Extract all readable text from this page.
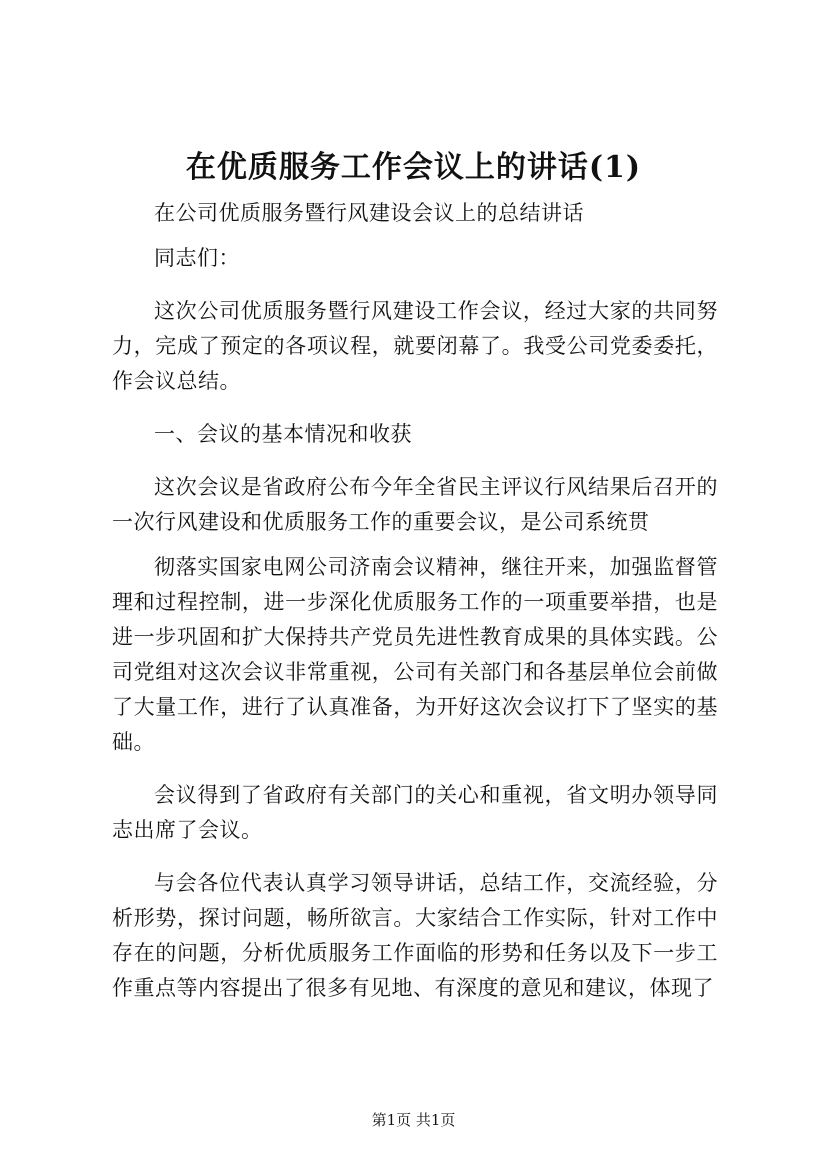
在优质服务工作会议上的讲话(1)

在公司优质服务暨行风建设会议上的总结讲话

同志们：

这次公司优质服务暨行风建设工作会议，经过大家的共同努力，完成了预定的各项议程，就要闭幕了。我受公司党委委托，作会议总结。

一、会议的基本情况和收获

这次会议是省政府公布今年全省民主评议行风结果后召开的一次行风建设和优质服务工作的重要会议，是公司系统贯

彻落实国家电网公司济南会议精神，继往开来，加强监督管理和过程控制，进一步深化优质服务工作的一项重要举措，也是进一步巩固和扩大保持共产党员先进性教育成果的具体实践。公司党组对这次会议非常重视，公司有关部门和各基层单位会前做了大量工作，进行了认真准备，为开好这次会议打下了坚实的基础。

会议得到了省政府有关部门的关心和重视，省文明办领导同志出席了会议。

与会各位代表认真学习领导讲话，总结工作，交流经验，分析形势，探讨问题，畅所欲言。大家结合工作实际，针对工作中存在的问题，分析优质服务工作面临的形势和任务以及下一步工作重点等内容提出了很多有见地、有深度的意见和建议，体现了

第1页 共1页
